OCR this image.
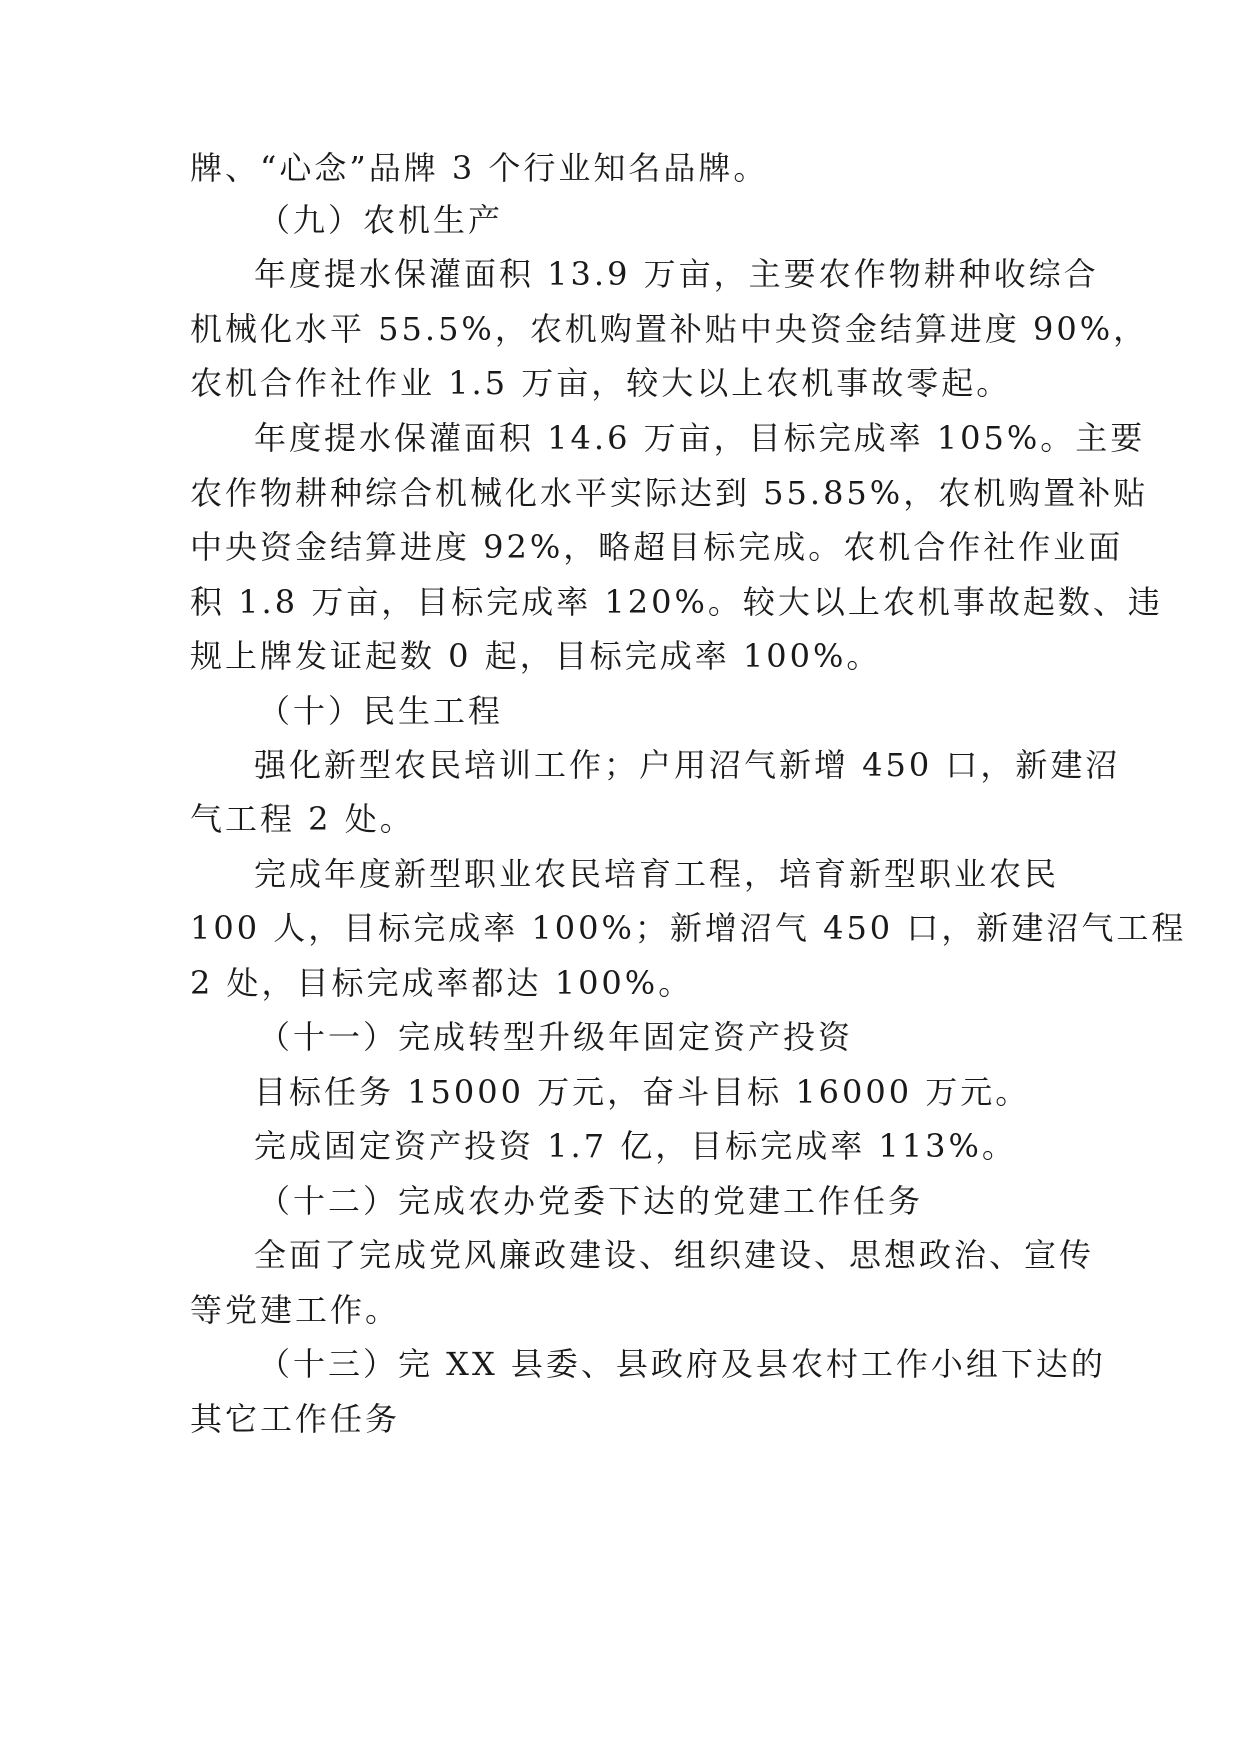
牌、“心念”品牌 3 个行业知名品牌。

（九）农机生产

年度提水保灌面积 13.9 万亩，主要农作物耕种收综合

机械化水平 55.5%，农机购置补贴中央资金结算进度 90%，

农机合作社作业 1.5 万亩，较大以上农机事故零起。

年度提水保灌面积 14.6 万亩，目标完成率 105%。主要

农作物耕种综合机械化水平实际达到 55.85%，农机购置补贴

中央资金结算进度 92%，略超目标完成。农机合作社作业面

积 1.8 万亩，目标完成率 120%。较大以上农机事故起数、违

规上牌发证起数 0 起，目标完成率 100%。

（十）民生工程

强化新型农民培训工作；户用沼气新增 450 口，新建沼

气工程 2 处。

完成年度新型职业农民培育工程，培育新型职业农民

100 人，目标完成率 100%；新增沼气 450 口，新建沼气工程

2 处，目标完成率都达 100%。

（十一）完成转型升级年固定资产投资

目标任务 15000 万元，奋斗目标 16000 万元。

完成固定资产投资 1.7 亿，目标完成率 113%。

（十二）完成农办党委下达的党建工作任务

全面了完成党风廉政建设、组织建设、思想政治、宣传

等党建工作。

（十三）完 XX 县委、县政府及县农村工作小组下达的

其它工作任务
